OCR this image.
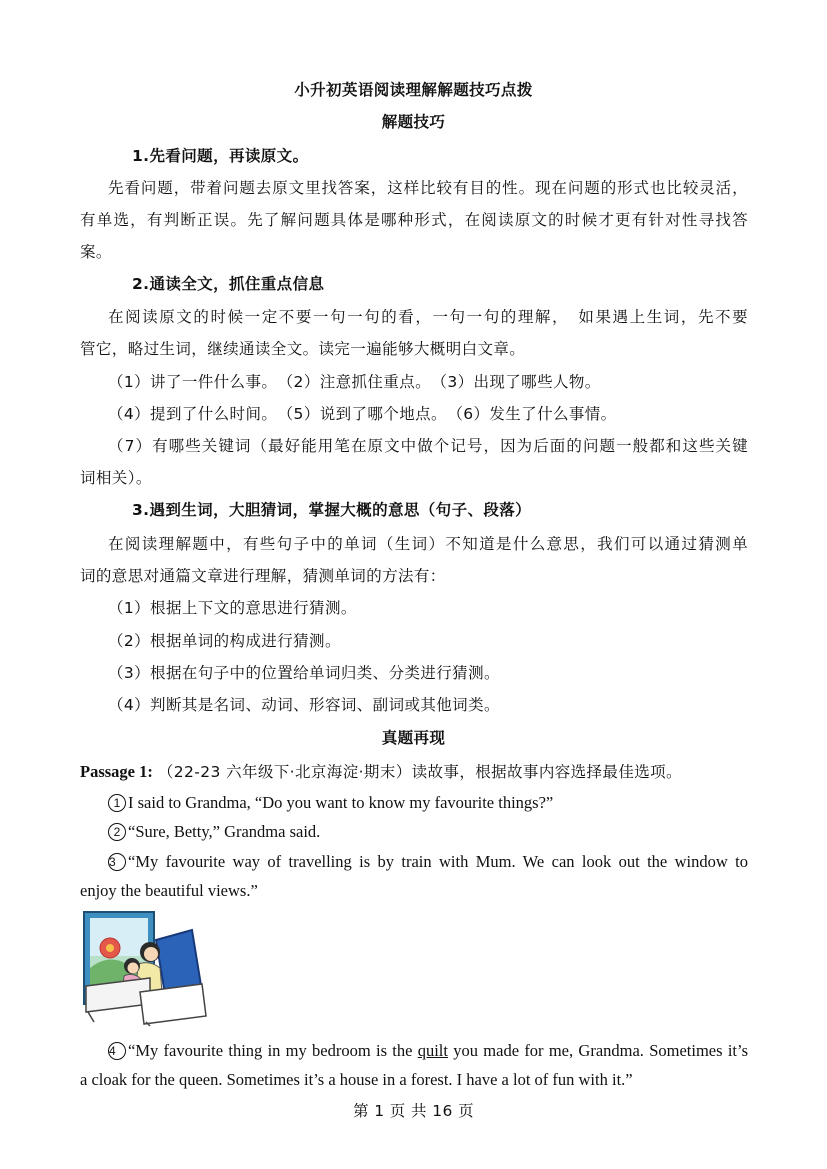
小升初英语阅读理解解题技巧点拨
解题技巧
1.先看问题，再读原文。
先看问题，带着问题去原文里找答案，这样比较有目的性。现在问题的形式也比较灵活，
有单选，有判断正误。先了解问题具体是哪种形式，在阅读原文的时候才更有针对性寻找答
案。
2.通读全文，抓住重点信息
在阅读原文的时候一定不要一句一句的看，一句一句的理解，　如果遇上生词，先不要
管它，略过生词，继续通读全文。读完一遍能够大概明白文章。
（1）讲了一件什么事。　（2）注意抓住重点。　（3）出现了哪些人物。
（4）提到了什么时间。　（5）说到了哪个地点。　（6）发生了什么事情。
（7）有哪些关键词（最好能用笔在原文中做个记号，因为后面的问题一般都和这些关键
词相关）。
3.遇到生词，大胆猜词，掌握大概的意思（句子、段落）
在阅读理解题中，有些句子中的单词（生词）不知道是什么意思，我们可以通过猜测单
词的意思对通篇文章进行理解，猜测单词的方法有：
（1）根据上下文的意思进行猜测。
（2）根据单词的构成进行猜测。
（3）根据在句子中的位置给单词归类、分类进行猜测。
（4）判断其是名词、动词、形容词、副词或其他词类。
真题再现
Passage 1: （22-23 六年级下·北京海淀·期末）读故事，根据故事内容选择最佳选项。
1 I said to Grandma, “Do you want to know my favourite things?”
2 “Sure, Betty,” Grandma said.
3 “My favourite way of travelling is by train with Mum. We can look out the window to
enjoy the beautiful views.”
4 “My favourite thing in my bedroom is the quilt you made for me, Grandma. Sometimes it’s
a cloak for the queen. Sometimes it’s a house in a forest. I have a lot of fun with it.”
第 1 页 共 16 页
